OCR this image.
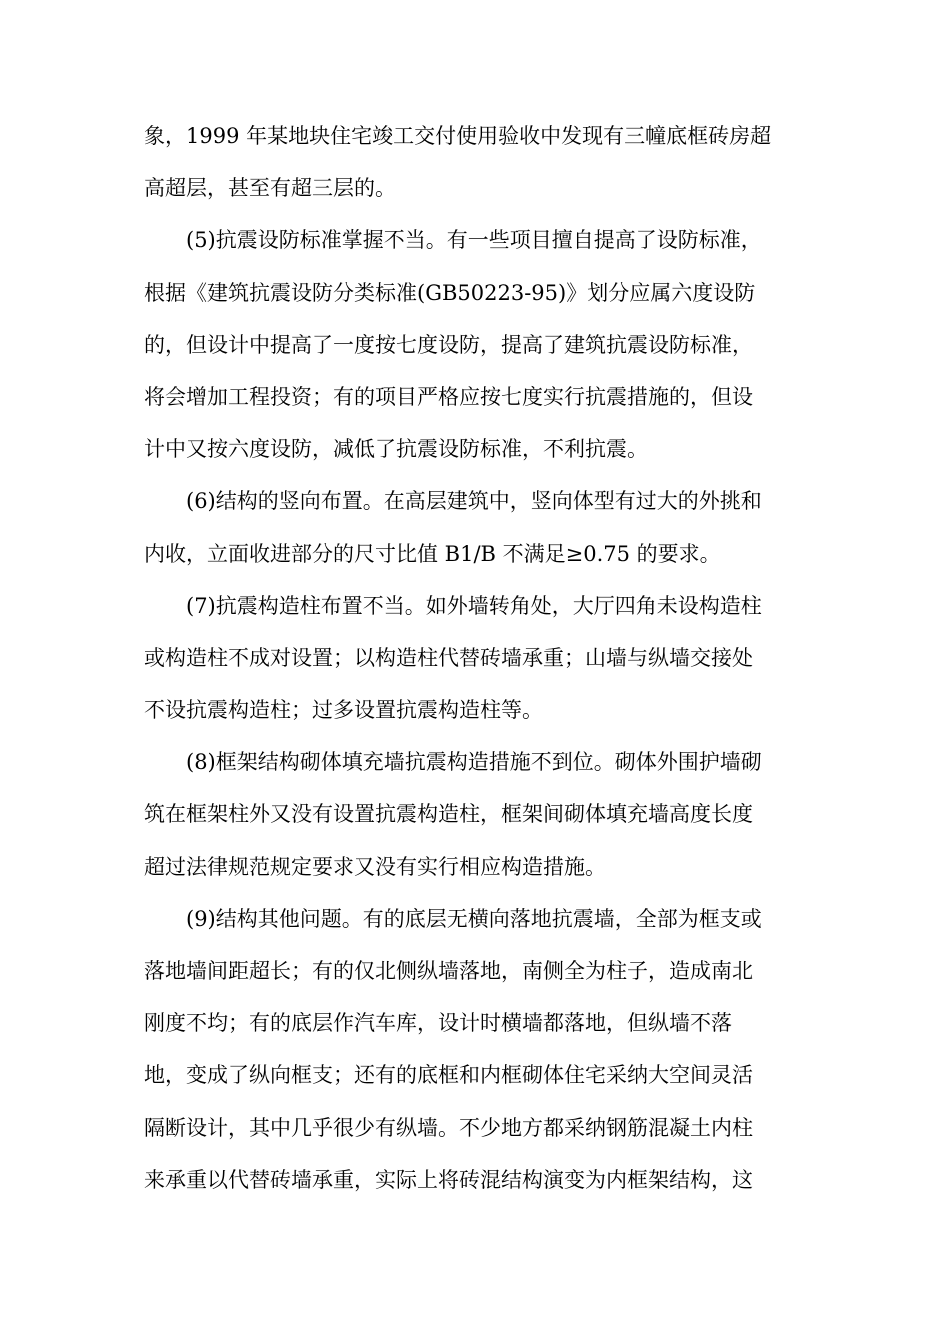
象，1999 年某地块住宅竣工交付使用验收中发现有三幢底框砖房超
高超层，甚至有超三层的。
(5)抗震设防标准掌握不当。有一些项目擅自提高了设防标准，
根据《建筑抗震设防分类标准(GB50223-95)》划分应属六度设防
的，但设计中提高了一度按七度设防，提高了建筑抗震设防标准，
将会增加工程投资；有的项目严格应按七度实行抗震措施的，但设
计中又按六度设防，减低了抗震设防标准，不利抗震。
(6)结构的竖向布置。在高层建筑中，竖向体型有过大的外挑和
内收，立面收进部分的尺寸比值 B1/B 不满足≥0.75 的要求。
(7)抗震构造柱布置不当。如外墙转角处，大厅四角未设构造柱
或构造柱不成对设置；以构造柱代替砖墙承重；山墙与纵墙交接处
不设抗震构造柱；过多设置抗震构造柱等。
(8)框架结构砌体填充墙抗震构造措施不到位。砌体外围护墙砌
筑在框架柱外又没有设置抗震构造柱，框架间砌体填充墙高度长度
超过法律规范规定要求又没有实行相应构造措施。
(9)结构其他问题。有的底层无横向落地抗震墙，全部为框支或
落地墙间距超长；有的仅北侧纵墙落地，南侧全为柱子，造成南北
刚度不均；有的底层作汽车库，设计时横墙都落地，但纵墙不落
地，变成了纵向框支；还有的底框和内框砌体住宅采纳大空间灵活
隔断设计，其中几乎很少有纵墙。不少地方都采纳钢筋混凝土内柱
来承重以代替砖墙承重，实际上将砖混结构演变为内框架结构，这
